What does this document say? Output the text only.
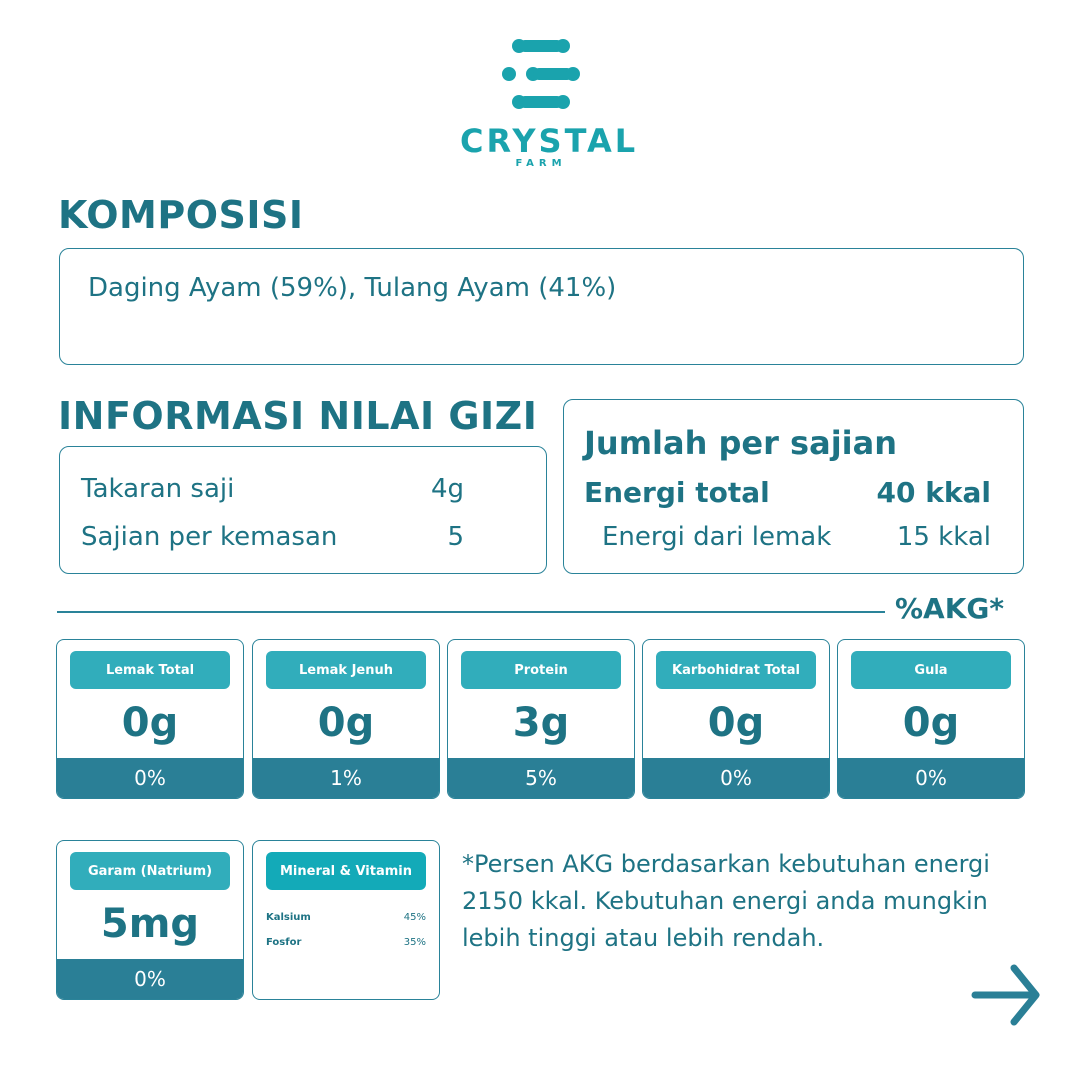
CRYSTAL
FARM
KOMPOSISI
Daging Ayam (59%), Tulang Ayam (41%)
INFORMASI NILAI GIZI
Takaran saji	4g
Sajian per kemasan	5
Jumlah per sajian
Energi total	40 kkal
Energi dari lemak	15 kkal
%AKG*
Lemak Total
0g
0%
Lemak Jenuh
0g
1%
Protein
3g
5%
Karbohidrat Total
0g
0%
Gula
0g
0%
Garam (Natrium)
5mg
0%
Mineral & Vitamin
Kalsium	45%
Fosfor	35%
*Persen AKG berdasarkan kebutuhan energi
2150 kkal. Kebutuhan energi anda mungkin
lebih tinggi atau lebih rendah.
